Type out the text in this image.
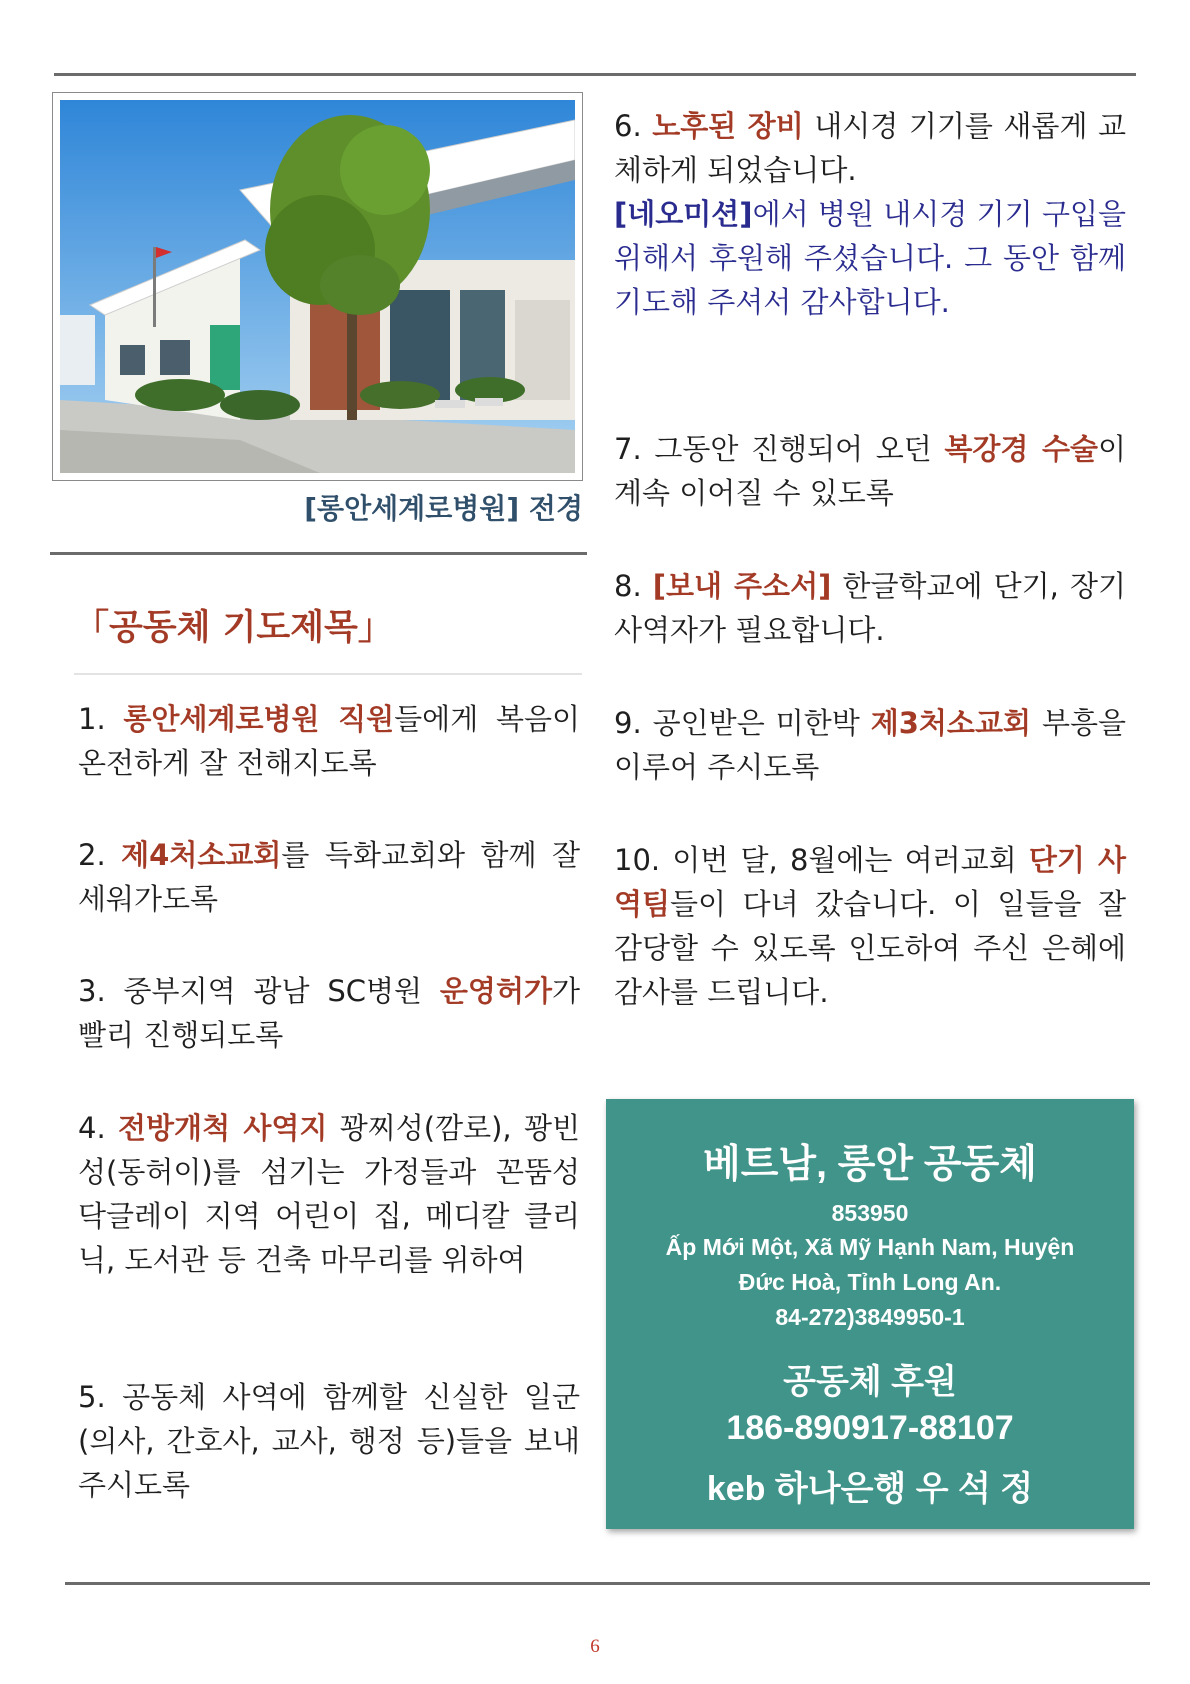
[롱안세계로병원] 전경
「공동체 기도제목」

1. 롱안세계로병원 직원들에게 복음이 온전하게 잘 전해지도록

2. 제4처소교회를 득화교회와 함께 잘 세워가도록

3. 중부지역 광남 SC병원 운영허가가 빨리 진행되도록

4. 전방개척 사역지 꽝찌성(깜로), 꽝빈성(동허이)를 섬기는 가정들과 꼰뚬성 닥글레이 지역 어린이 집, 메디칼 클리닉, 도서관 등 건축 마무리를 위하여

5. 공동체 사역에 함께할 신실한 일군(의사, 간호사, 교사, 행정 등)들을 보내 주시도록

6. 노후된 장비 내시경 기기를 새롭게 교체하게 되었습니다.
[네오미션]에서 병원 내시경 기기 구입을 위해서 후원해 주셨습니다. 그 동안 함께 기도해 주셔서 감사합니다.

7. 그동안 진행되어 오던 복강경 수술이 계속 이어질 수 있도록

8. [보내 주소서] 한글학교에 단기, 장기 사역자가 필요합니다.

9. 공인받은 미한박 제3처소교회 부흥을 이루어 주시도록

10. 이번 달, 8월에는 여러교회 단기 사역팀들이 다녀 갔습니다. 이 일들을 잘 감당할 수 있도록 인도하여 주신 은혜에 감사를 드립니다.

베트남, 롱안 공동체
853950
Ấp Mới Một, Xã Mỹ Hạnh Nam, Huyện
Đức Hoà, Tỉnh Long An.
84-272)3849950-1
공동체 후원
186-890917-88107
keb 하나은행 우 석 정
6
